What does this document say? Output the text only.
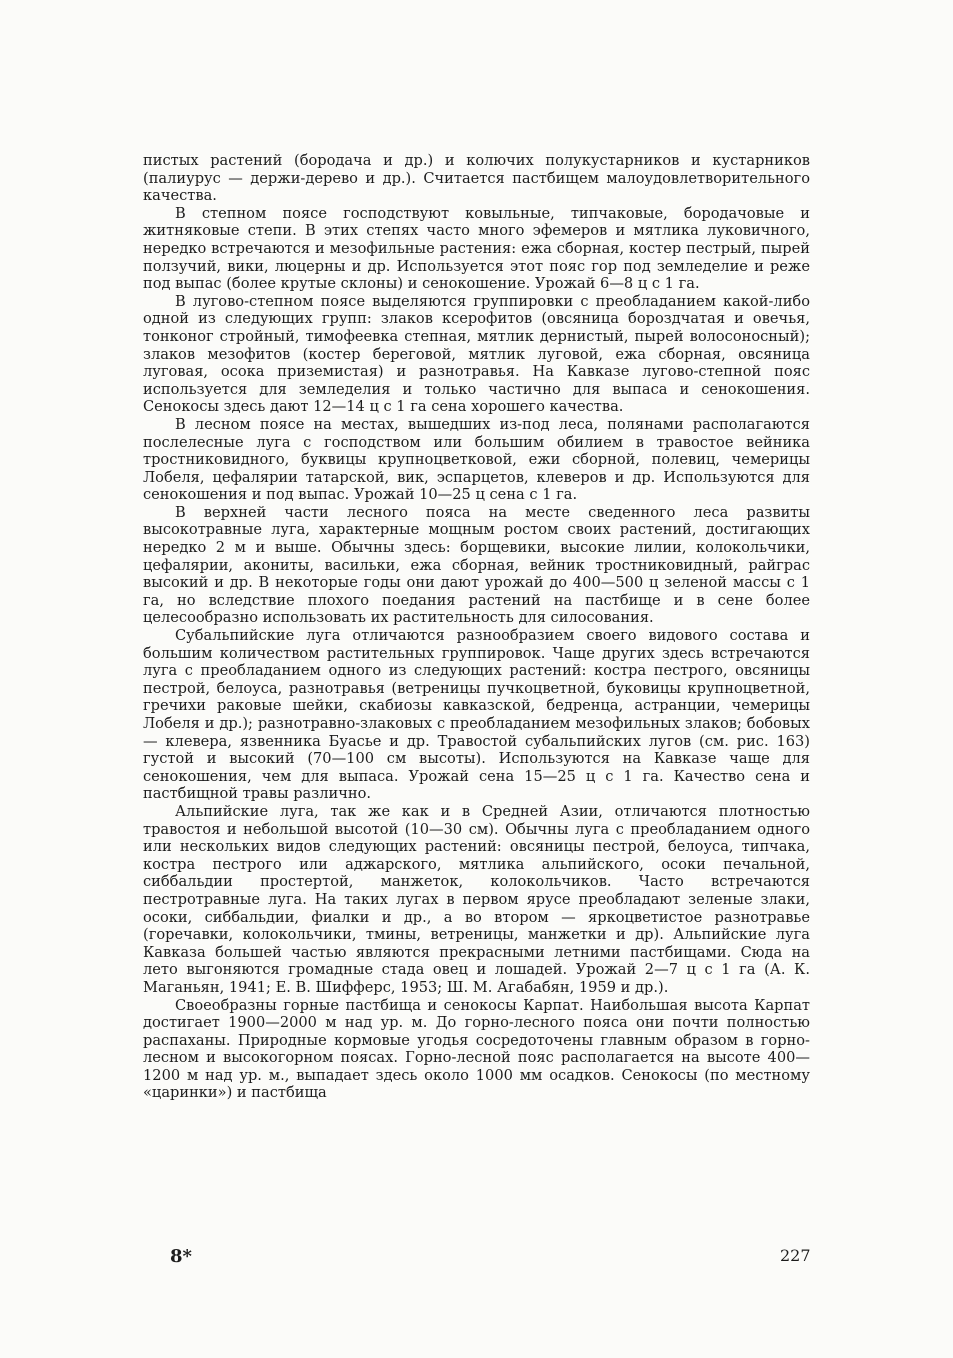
пистых растений (бородача и др.) и колючих полукустарников и кустарников (палиурус — держи-дерево и др.). Считается пастбищем малоудовлетворительного качества.

В степном поясе господствуют ковыльные, типчаковые, бородачовые и житняковые степи. В этих степях часто много эфемеров и мятлика луковичного, нередко встречаются и мезофильные растения: ежа сборная, костер пестрый, пырей ползучий, вики, люцерны и др. Используется этот пояс гор под земледелие и реже под выпас (более крутые склоны) и сенокошение. Урожай 6—8 ц с 1 га.

В лугово-степном поясе выделяются группировки с преобладанием какой-либо одной из следующих групп: злаков ксерофитов (овсяница бороздчатая и овечья, тонконог стройный, тимофеевка степная, мятлик дернистый, пырей волосоносный); злаков мезофитов (костер береговой, мятлик луговой, ежа сборная, овсяница луговая, осока приземистая) и разнотравья. На Кавказе лугово-степной пояс используется для земледелия и только частично для выпаса и сенокошения. Сенокосы здесь дают 12—14 ц с 1 га сена хорошего качества.

В лесном поясе на местах, вышедших из-под леса, полянами располагаются послелесные луга с господством или большим обилием в травостое вейника тростниковидного, буквицы крупноцветковой, ежи сборной, полевиц, чемерицы Лобеля, цефалярии татарской, вик, эспарцетов, клеверов и др. Используются для сенокошения и под выпас. Урожай 10—25 ц сена с 1 га.

В верхней части лесного пояса на месте сведенного леса развиты высокотравные луга, характерные мощным ростом своих растений, достигающих нередко 2 м и выше. Обычны здесь: борщевики, высокие лилии, колокольчики, цефалярии, акониты, васильки, ежа сборная, вейник тростниковидный, райграс высокий и др. В некоторые годы они дают урожай до 400—500 ц зеленой массы с 1 га, но вследствие плохого поедания растений на пастбище и в сене более целесообразно использовать их растительность для силосования.

Субальпийские луга отличаются разнообразием своего видового состава и большим количеством растительных группировок. Чаще других здесь встречаются луга с преобладанием одного из следующих растений: костра пестрого, овсяницы пестрой, белоуса, разнотравья (ветреницы пучкоцветной, буковицы крупноцветной, гречихи раковые шейки, скабиозы кавказской, бедренца, астранции, чемерицы Лобеля и др.); разнотравно-злаковых с преобладанием мезофильных злаков; бобовых — клевера, язвенника Буасье и др. Травостой субальпийских лугов (см. рис. 163) густой и высокий (70—100 см высоты). Используются на Кавказе чаще для сенокошения, чем для выпаса. Урожай сена 15—25 ц с 1 га. Качество сена и пастбищной травы различно.

Альпийские луга, так же как и в Средней Азии, отличаются плотностью травостоя и небольшой высотой (10—30 см). Обычны луга с преобладанием одного или нескольких видов следующих растений: овсяницы пестрой, белоуса, типчака, костра пестрого или аджарского, мятлика альпийского, осоки печальной, сиббальдии простертой, манжеток, колокольчиков. Часто встречаются пестротравные луга. На таких лугах в первом ярусе преобладают зеленые злаки, осоки, сиббальдии, фиалки и др., а во втором — яркоцветистое разнотравье (горечавки, колокольчики, тмины, ветреницы, манжетки и др). Альпийские луга Кавказа большей частью являются прекрасными летними пастбищами. Сюда на лето выгоняются громадные стада овец и лошадей. Урожай 2—7 ц с 1 га (А. К. Маганьян, 1941; Е. В. Шифферс, 1953; Ш. М. Агабабян, 1959 и др.).

Своеобразны горные пастбища и сенокосы Карпат. Наибольшая высота Карпат достигает 1900—2000 м над ур. м. До горно-лесного пояса они почти полностью распаханы. Природные кормовые угодья сосредоточены главным образом в горно-лесном и высокогорном поясах. Горно-лесной пояс располагается на высоте 400—1200 м над ур. м., выпадает здесь около 1000 мм осадков. Сенокосы (по местному «царинки») и пастбища

8*	227
